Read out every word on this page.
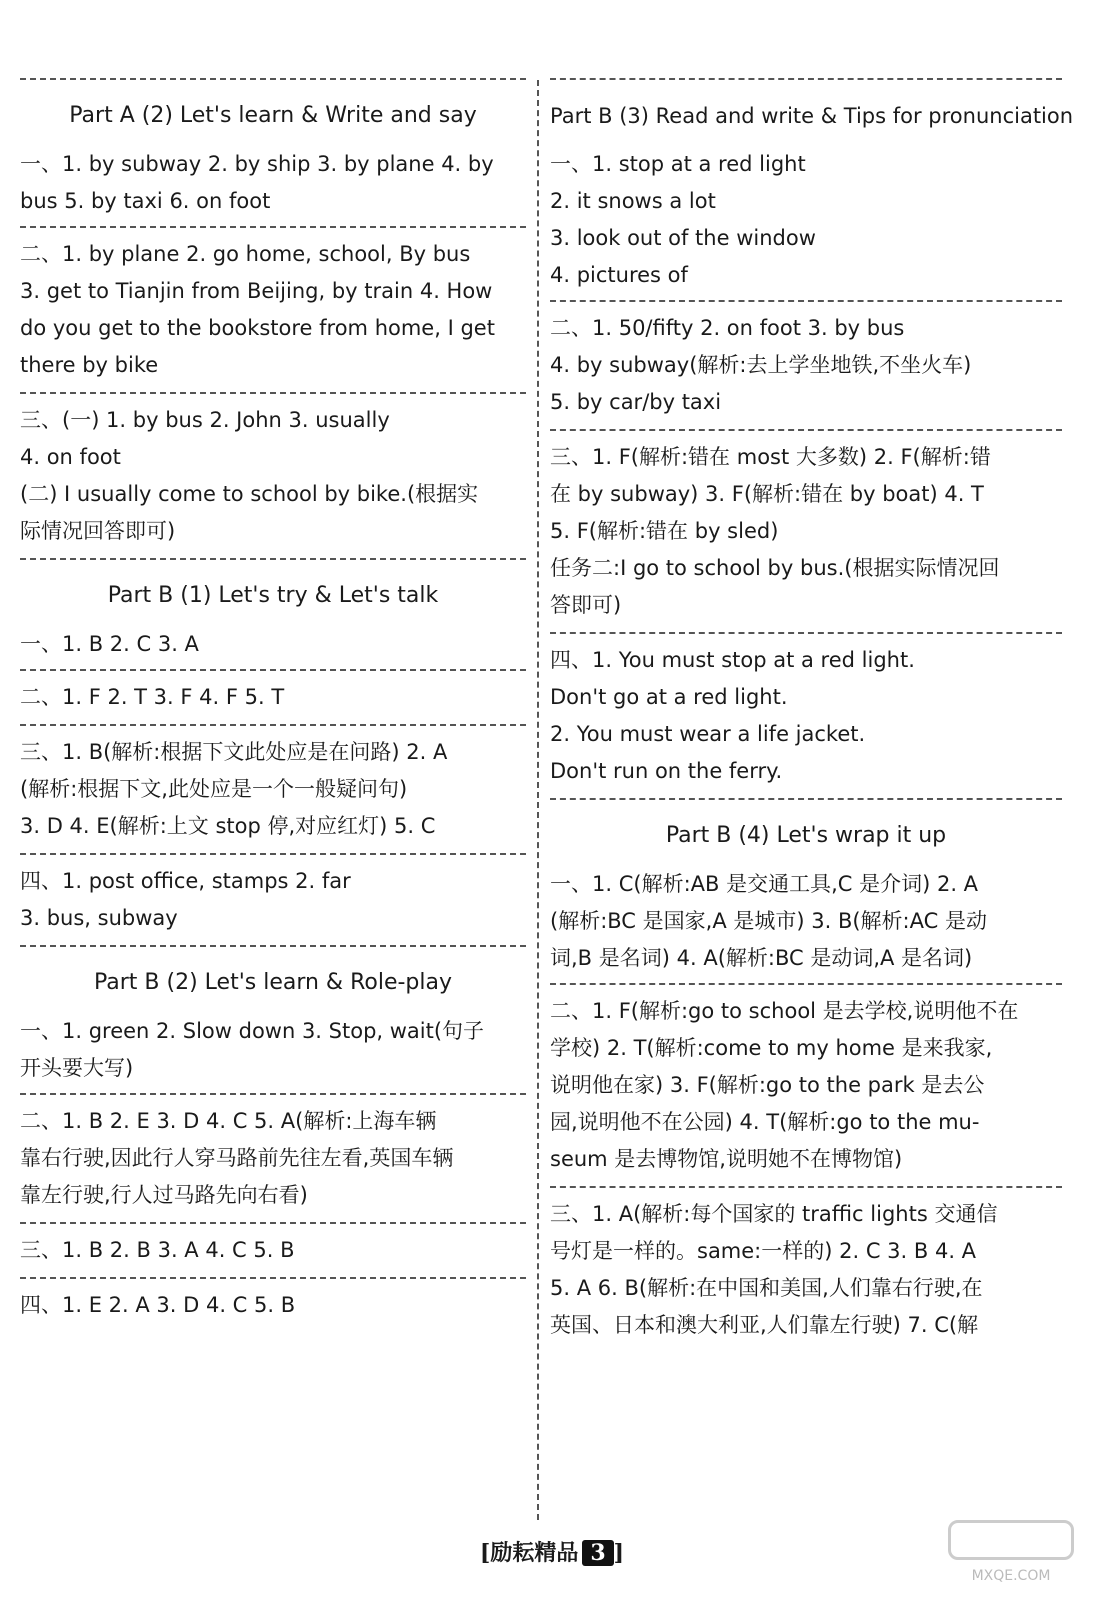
Part A (2) Let's learn & Write and say
一、1. by subway 2. by ship 3. by plane 4. by
bus 5. by taxi 6. on foot
二、1. by plane 2. go home, school, By bus
3. get to Tianjin from Beijing, by train 4. How
do you get to the bookstore from home, I get
there by bike
三、(一) 1. by bus 2. John 3. usually
4. on foot
(二) I usually come to school by bike.(根据实
际情况回答即可)
Part B (1) Let's try & Let's talk
一、1. B 2. C 3. A
二、1. F 2. T 3. F 4. F 5. T
三、1. B(解析:根据下文此处应是在问路) 2. A
(解析:根据下文,此处应是一个一般疑问句)
3. D 4. E(解析:上文 stop 停,对应红灯) 5. C
四、1. post office, stamps 2. far
3. bus, subway
Part B (2) Let's learn & Role-play
一、1. green 2. Slow down 3. Stop, wait(句子
开头要大写)
二、1. B 2. E 3. D 4. C 5. A(解析:上海车辆
靠右行驶,因此行人穿马路前先往左看,英国车辆
靠左行驶,行人过马路先向右看)
三、1. B 2. B 3. A 4. C 5. B
四、1. E 2. A 3. D 4. C 5. B
Part B (3) Read and write & Tips for pronunciation
一、1. stop at a red light
2. it snows a lot
3. look out of the window
4. pictures of
二、1. 50/fifty 2. on foot 3. by bus
4. by subway(解析:去上学坐地铁,不坐火车)
5. by car/by taxi
三、1. F(解析:错在 most 大多数) 2. F(解析:错
在 by subway) 3. F(解析:错在 by boat) 4. T
5. F(解析:错在 by sled)
任务二:I go to school by bus.(根据实际情况回
答即可)
四、1. You must stop at a red light.
Don't go at a red light.
2. You must wear a life jacket.
Don't run on the ferry.
Part B (4) Let's wrap it up
一、1. C(解析:AB 是交通工具,C 是介词) 2. A
(解析:BC 是国家,A 是城市) 3. B(解析:AC 是动
词,B 是名词) 4. A(解析:BC 是动词,A 是名词)
二、1. F(解析:go to school 是去学校,说明他不在
学校) 2. T(解析:come to my home 是来我家,
说明他在家) 3. F(解析:go to the park 是去公
园,说明他不在公园) 4. T(解析:go to the mu-
seum 是去博物馆,说明她不在博物馆)
三、1. A(解析:每个国家的 traffic lights 交通信
号灯是一样的。same:一样的) 2. C 3. B 4. A
5. A 6. B(解析:在中国和美国,人们靠右行驶,在
英国、日本和澳大利亚,人们靠左行驶) 7. C(解
[励耘精品 3 ]
MXQE.COM
